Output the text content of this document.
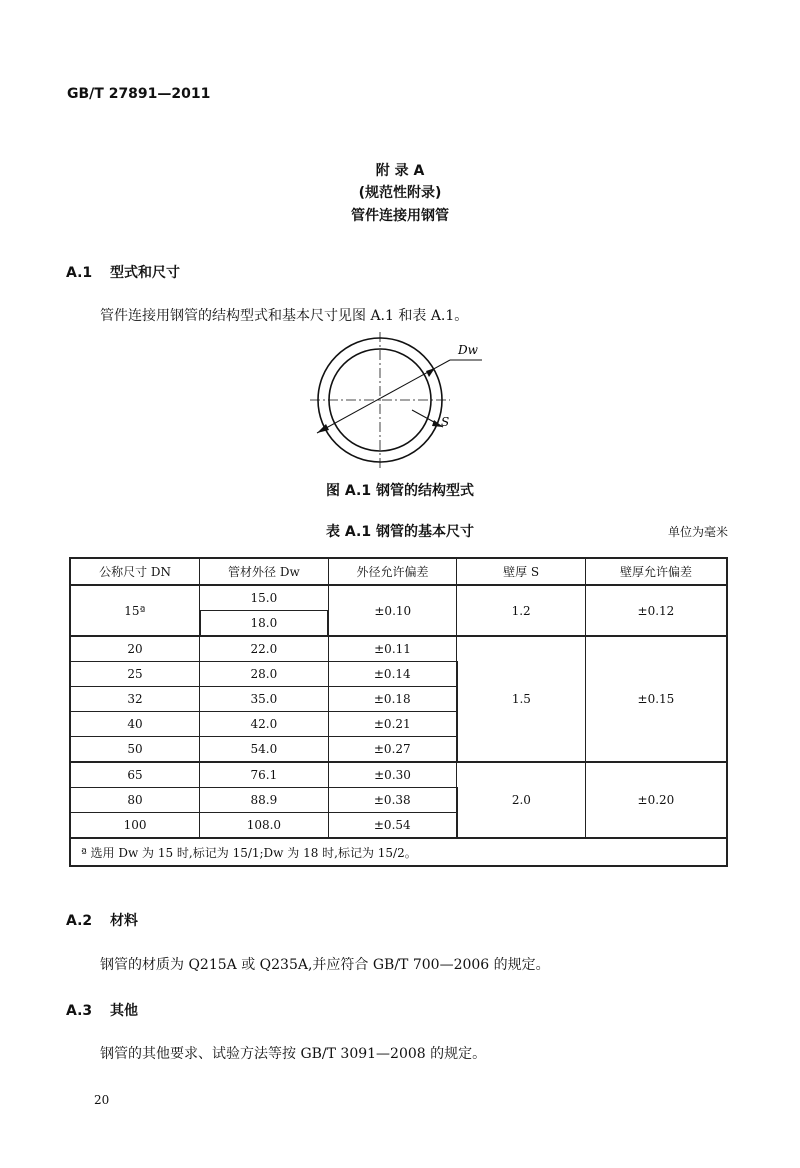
GB/T 27891—2011
附 录 A
(规范性附录)
管件连接用钢管
A.1 型式和尺寸
管件连接用钢管的结构型式和基本尺寸见图 A.1 和表 A.1。
Dw
S
图 A.1 钢管的结构型式
表 A.1 钢管的基本尺寸	单位为毫米
公称尺寸 DN	管材外径 Dw	外径允许偏差	壁厚 S	壁厚允许偏差
15ª	15.0	±0.10	1.2	±0.12
	18.0			
20	22.0	±0.11	1.5	±0.15
25	28.0	±0.14		
32	35.0	±0.18		
40	42.0	±0.21		
50	54.0	±0.27		
65	76.1	±0.30	2.0	±0.20
80	88.9	±0.38		
100	108.0	±0.54		
ª 选用 Dw 为 15 时,标记为 15/1;Dw 为 18 时,标记为 15/2。				
A.2 材料
钢管的材质为 Q215A 或 Q235A,并应符合 GB/T 700—2006 的规定。
A.3 其他
钢管的其他要求、试验方法等按 GB/T 3091—2008 的规定。
20
